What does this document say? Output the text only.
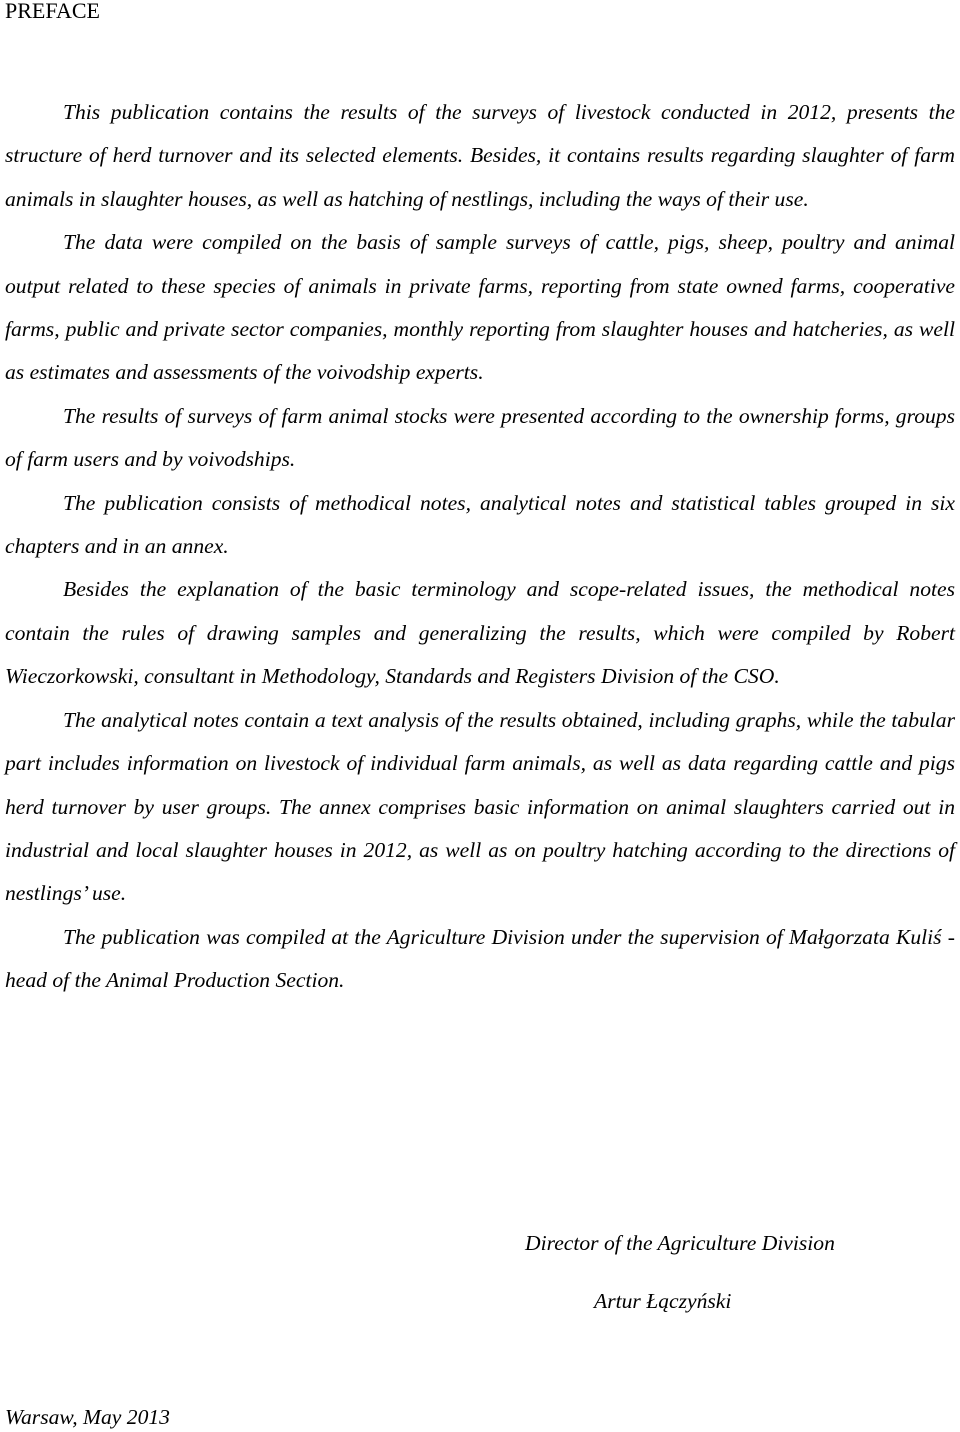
PREFACE

This publication contains the results of the surveys of livestock conducted in 2012, presents the structure of herd turnover and its selected elements. Besides, it contains results regarding slaughter of farm animals in slaughter houses, as well as hatching of nestlings, including the ways of their use.

The data were compiled on the basis of sample surveys of cattle, pigs, sheep, poultry and animal output related to these species of animals in private farms, reporting from state owned farms, cooperative farms, public and private sector companies, monthly reporting from slaughter houses and hatcheries, as well as estimates and assessments of the voivodship experts.

The results of surveys of farm animal stocks were presented according to the ownership forms, groups of farm users and by voivodships.

The publication consists of methodical notes, analytical notes and statistical tables grouped in six chapters and in an annex.

Besides the explanation of the basic terminology and scope-related issues, the methodical notes contain the rules of drawing samples and generalizing the results, which were compiled by Robert Wieczorkowski, consultant in Methodology, Standards and Registers Division of the CSO.

The analytical notes contain a text analysis of the results obtained, including graphs, while the tabular part includes information on livestock of individual farm animals, as well as data regarding cattle and pigs herd turnover by user groups. The annex comprises basic information on animal slaughters carried out in industrial and local slaughter houses in 2012, as well as on poultry hatching according to the directions of nestlings’ use.

The publication was compiled at the Agriculture Division under the supervision of Małgorzata Kuliś - head of the Animal Production Section.

Director of the Agriculture Division
Artur Łączyński
Warsaw, May 2013
